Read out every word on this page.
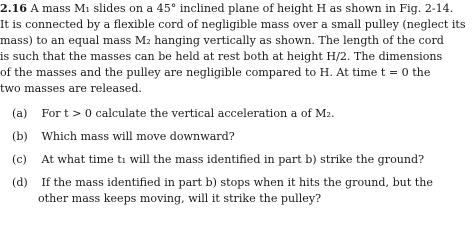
2.16 A mass M₁ slides on a 45° inclined plane of height H as shown in Fig. 2-14.
It is connected by a flexible cord of negligible mass over a small pulley (neglect its
mass) to an equal mass M₂ hanging vertically as shown. The length of the cord
is such that the masses can be held at rest both at height H/2. The dimensions
of the masses and the pulley are negligible compared to H. At time t = 0 the
two masses are released.
(a) For t > 0 calculate the vertical acceleration a of M₂.
(b) Which mass will move downward?
(c) At what time t₁ will the mass identified in part b) strike the ground?
(d) If the mass identified in part b) stops when it hits the ground, but the
other mass keeps moving, will it strike the pulley?
